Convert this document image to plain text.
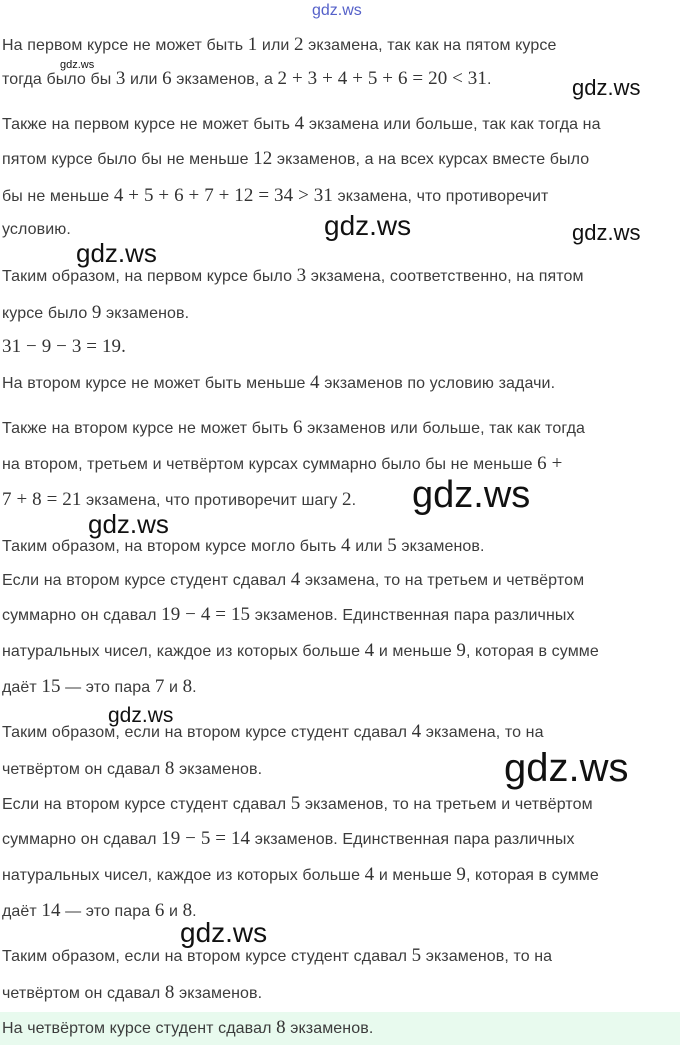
На первом курсе не может быть 1 или 2 экзамена, так как на пятом курсе
тогда было бы 3 или 6 экзаменов, а 2 + 3 + 4 + 5 + 6 = 20 < 31.
Также на первом курсе не может быть 4 экзамена или больше, так как тогда на
пятом курсе было бы не меньше 12 экзаменов, а на всех курсах вместе было
бы не меньше 4 + 5 + 6 + 7 + 12 = 34 > 31 экзамена, что противоречит
условию.
Таким образом, на первом курсе было 3 экзамена, соответственно, на пятом
курсе было 9 экзаменов.
31 − 9 − 3 = 19.
На втором курсе не может быть меньше 4 экзаменов по условию задачи.
Также на втором курсе не может быть 6 экзаменов или больше, так как тогда
на втором, третьем и четвёртом курсах суммарно было бы не меньше 6 +
7 + 8 = 21 экзамена, что противоречит шагу 2.
Таким образом, на втором курсе могло быть 4 или 5 экзаменов.
Если на втором курсе студент сдавал 4 экзамена, то на третьем и четвёртом
суммарно он сдавал 19 − 4 = 15 экзаменов. Единственная пара различных
натуральных чисел, каждое из которых больше 4 и меньше 9, которая в сумме
даёт 15 — это пара 7 и 8.
Таким образом, если на втором курсе студент сдавал 4 экзамена, то на
четвёртом он сдавал 8 экзаменов.
Если на втором курсе студент сдавал 5 экзаменов, то на третьем и четвёртом
суммарно он сдавал 19 − 5 = 14 экзаменов. Единственная пара различных
натуральных чисел, каждое из которых больше 4 и меньше 9, которая в сумме
даёт 14 — это пара 6 и 8.
Таким образом, если на втором курсе студент сдавал 5 экзаменов, то на
четвёртом он сдавал 8 экзаменов.
На четвёртом курсе студент сдавал 8 экзаменов.
gdz.ws
gdz.ws
gdz.ws
gdz.ws
gdz.ws	gdz.ws
gdz.ws
gdz.ws
gdz.ws
gdz.ws
gdz.ws
